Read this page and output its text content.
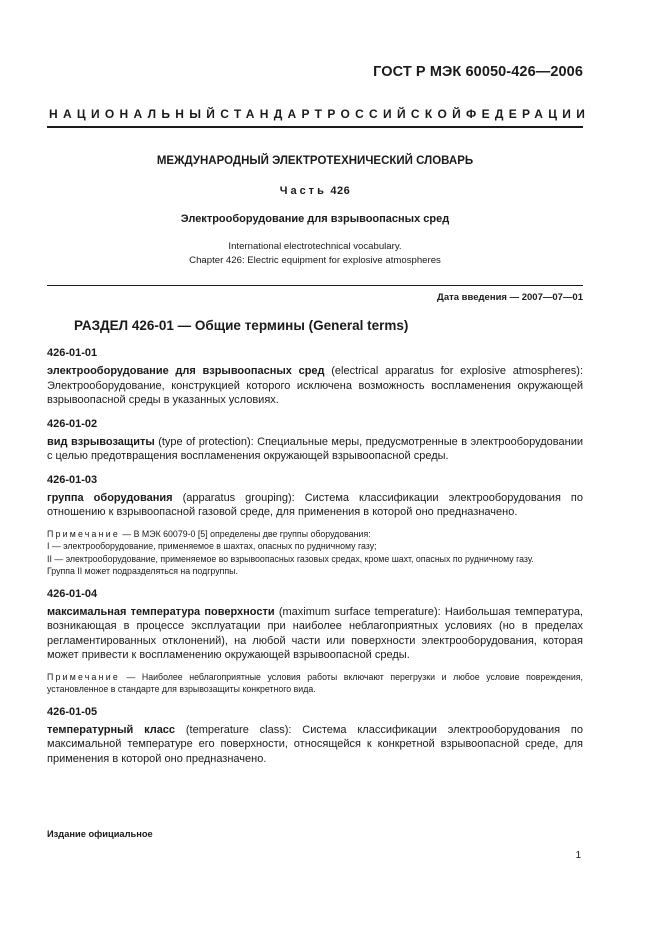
ГОСТ Р МЭК 60050-426—2006
НАЦИОНАЛЬНЫЙ СТАНДАРТ РОССИЙСКОЙ ФЕДЕРАЦИИ
МЕЖДУНАРОДНЫЙ ЭЛЕКТРОТЕХНИЧЕСКИЙ СЛОВАРЬ
Часть 426
Электрооборудование для взрывоопасных сред
International electrotechnical vocabulary.
Chapter 426: Electric equipment for explosive atmospheres
Дата введения — 2007—07—01
РАЗДЕЛ 426-01 — Общие термины (General terms)

426-01-01

электрооборудование для взрывоопасных сред (electrical apparatus for explosive atmospheres): Электрооборудование, конструкцией которого исключена возможность воспламенения окружающей взрывоопасной среды в указанных условиях.

426-01-02

вид взрывозащиты (type of protection): Специальные меры, предусмотренные в электрооборудовании с целью предотвращения воспламенения окружающей взрывоопасной среды.

426-01-03

группа оборудования (apparatus grouping): Система классификации электрооборудования по отношению к взрывоопасной газовой среде, для применения в которой оно предназначено.

Примечание — В МЭК 60079-0 [5] определены две группы оборудования:
I — электрооборудование, применяемое в шахтах, опасных по рудничному газу;
II — электрооборудование, применяемое во взрывоопасных газовых средах, кроме шахт, опасных по рудничному газу.
Группа II может подразделяться на подгруппы.

426-01-04

максимальная температура поверхности (maximum surface temperature): Наибольшая температура, возникающая в процессе эксплуатации при наиболее неблагоприятных условиях (но в пределах регламентированных отклонений), на любой части или поверхности электрооборудования, которая может привести к воспламенению окружающей взрывоопасной среды.

Примечание — Наиболее неблагоприятные условия работы включают перегрузки и любое условие повреждения, установленное в стандарте для взрывозащиты конкретного вида.

426-01-05

температурный класс (temperature class): Система классификации электрооборудования по максимальной температуре его поверхности, относящейся к конкретной взрывоопасной среде, для применения в которой оно предназначено.

Издание официальное
1
